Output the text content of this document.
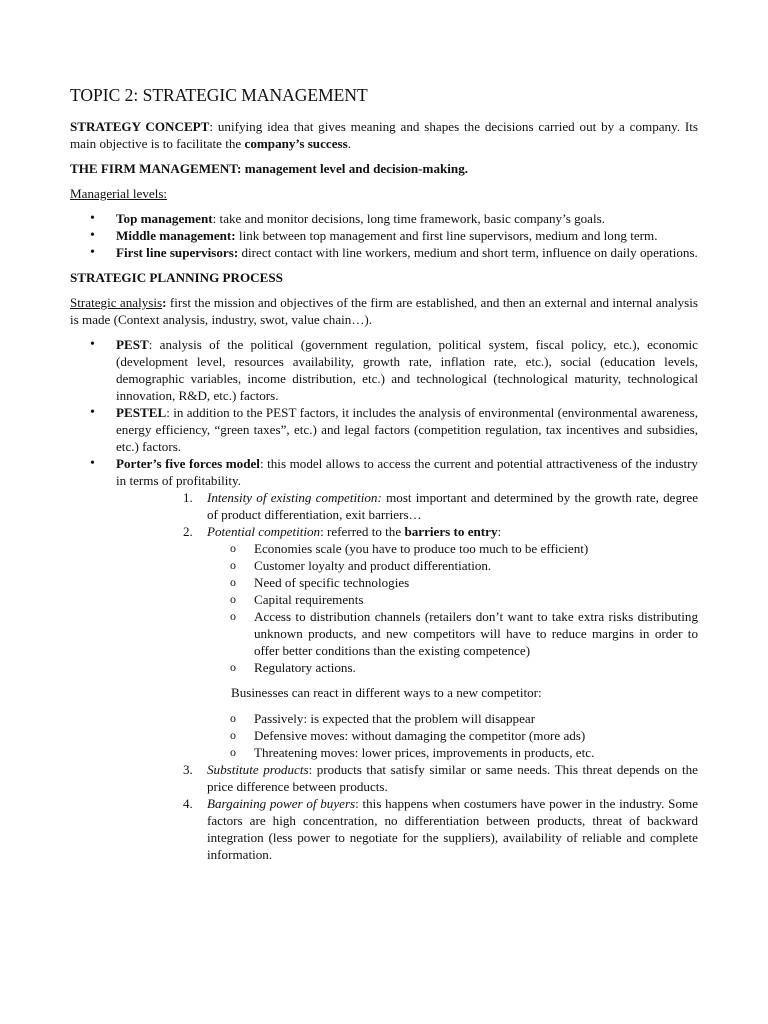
TOPIC 2: STRATEGIC MANAGEMENT

STRATEGY CONCEPT: unifying idea that gives meaning and shapes the decisions carried out by a company. Its main objective is to facilitate the company’s success.

THE FIRM MANAGEMENT: management level and decision-making.

Managerial levels:

• Top management: take and monitor decisions, long time framework, basic company’s goals.
• Middle management: link between top management and first line supervisors, medium and long term.
• First line supervisors: direct contact with line workers, medium and short term, influence on daily operations.

STRATEGIC PLANNING PROCESS

Strategic analysis: first the mission and objectives of the firm are established, and then an external and internal analysis is made (Context analysis, industry, swot, value chain…).

• PEST: analysis of the political (government regulation, political system, fiscal policy, etc.), economic (development level, resources availability, growth rate, inflation rate, etc.), social (education levels, demographic variables, income distribution, etc.) and technological (technological maturity, technological innovation, R&D, etc.) factors.
• PESTEL: in addition to the PEST factors, it includes the analysis of environmental (environmental awareness, energy efficiency, “green taxes”, etc.) and legal factors (competition regulation, tax incentives and subsidies, etc.) factors.
• Porter’s five forces model: this model allows to access the current and potential attractiveness of the industry in terms of profitability.
1. Intensity of existing competition: most important and determined by the growth rate, degree of product differentiation, exit barriers…
2. Potential competition: referred to the barriers to entry:
o Economies scale (you have to produce too much to be efficient)
o Customer loyalty and product differentiation.
o Need of specific technologies
o Capital requirements
o Access to distribution channels (retailers don’t want to take extra risks distributing unknown products, and new competitors will have to reduce margins in order to offer better conditions than the existing competence)
o Regulatory actions.

Businesses can react in different ways to a new competitor:

o Passively: is expected that the problem will disappear
o Defensive moves: without damaging the competitor (more ads)
o Threatening moves: lower prices, improvements in products, etc.
3. Substitute products: products that satisfy similar or same needs. This threat depends on the price difference between products.
4. Bargaining power of buyers: this happens when costumers have power in the industry. Some factors are high concentration, no differentiation between products, threat of backward integration (less power to negotiate for the suppliers), availability of reliable and complete information.
